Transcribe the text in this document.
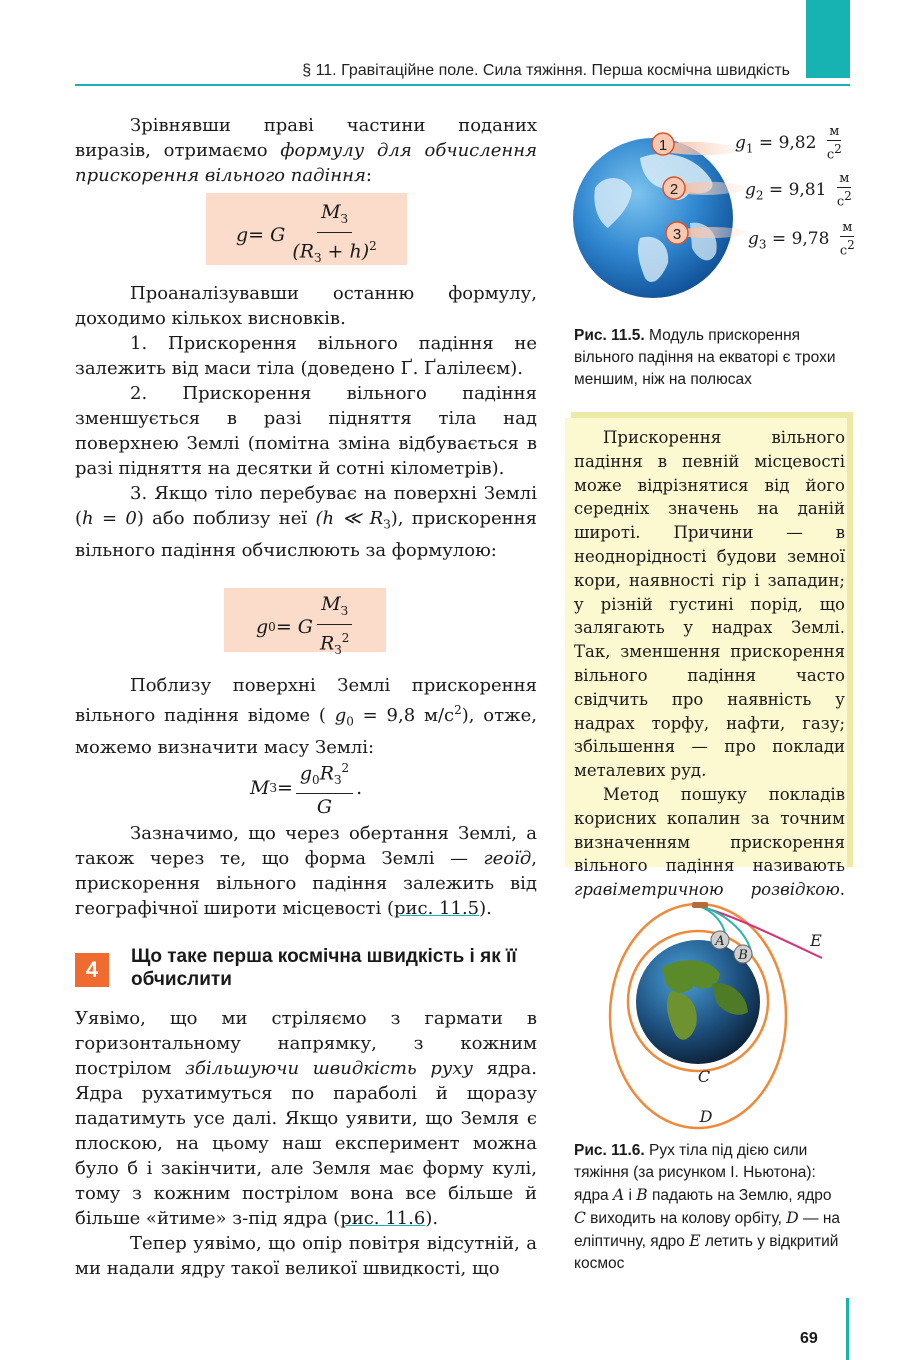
§ 11. Гравітаційне поле. Сила тяжіння. Перша космічна швидкість

Зрівнявши праві частини поданих виразів, отримаємо формулу для обчислення прискорення вільного падіння:

g = G $\frac{M_З}{(R_З + h)^2}$

Проаналізувавши останню формулу, доходимо кількох висновків.

1. Прискорення вільного падіння не залежить від маси тіла (доведено Ґ. Ґалілеєм).

2. Прискорення вільного падіння зменшується в разі підняття тіла над поверхнею Землі (помітна зміна відбувається в разі підняття на десятки й сотні кілометрів).

3. Якщо тіло перебуває на поверхні Землі (h = 0) або поблизу неї (h ≪ $R_З$), прискорення вільного падіння обчислюють за формулою:

g 0 = G $\frac{M_З}{R_З^2}$

Поблизу поверхні Землі прискорення вільного падіння відоме ( $g_0 = 9,8$ $м/с^2$), отже, можемо визначити масу Землі:

M $З = \frac{g_0R_З^2}{G}$ .

Зазначимо, що через обертання Землі, а також через те, що форма Землі — геоїд, прискорення вільного падіння залежить від географічної широти місцевості (рис. 11.5).

4
Що таке перша космічна швидкість і як її обчислити

Уявімо, що ми стріляємо з гармати в горизонтальному напрямку, з кожним пострілом збільшуючи швидкість руху ядра. Ядра рухатимуться по параболі й щоразу падатимуть усе далі. Якщо уявити, що Земля є плоскою, на цьому наш експеримент можна було б і закінчити, але Земля має форму кулі, тому з кожним пострілом вона все більше й більше «йтиме» з-під ядра (рис. 11.6).

Тепер уявімо, що опір повітря відсутній, а ми надали ядру такої великої швидкості, що

1
2
3
$g_1 = 9,82 \frac{м}{с^2}$
$g_2 = 9,81 \frac{м}{с^2}$
$g_3 = 9,78 \frac{м}{с^2}$
Рис. 11.5. Модуль прискорення вільного падіння на екваторі є трохи меншим, ніж на полюсах

Прискорення вільного падіння в певній місцевості може відрізнятися від його середніх значень на даній широті. Причини — в неоднорідності будови земної кори, наявності гір і западин; у різній густині порід, що залягають у надрах Землі. Так, зменшення прискорення вільного падіння часто свідчить про наявність у надрах торфу, нафти, газу; збільшення — про поклади металевих руд.

Метод пошуку покладів корисних копалин за точним визначенням прискорення вільного падіння називають гравіметричною розвідкою.

A
B
C
D
E
Рис. 11.6. Рух тіла під дією сили тяжіння (за рисунком І. Ньютона): ядра A і B падають на Землю, ядро C виходить на колову орбіту, D — на еліптичну, ядро E летить у відкритий космос
69
